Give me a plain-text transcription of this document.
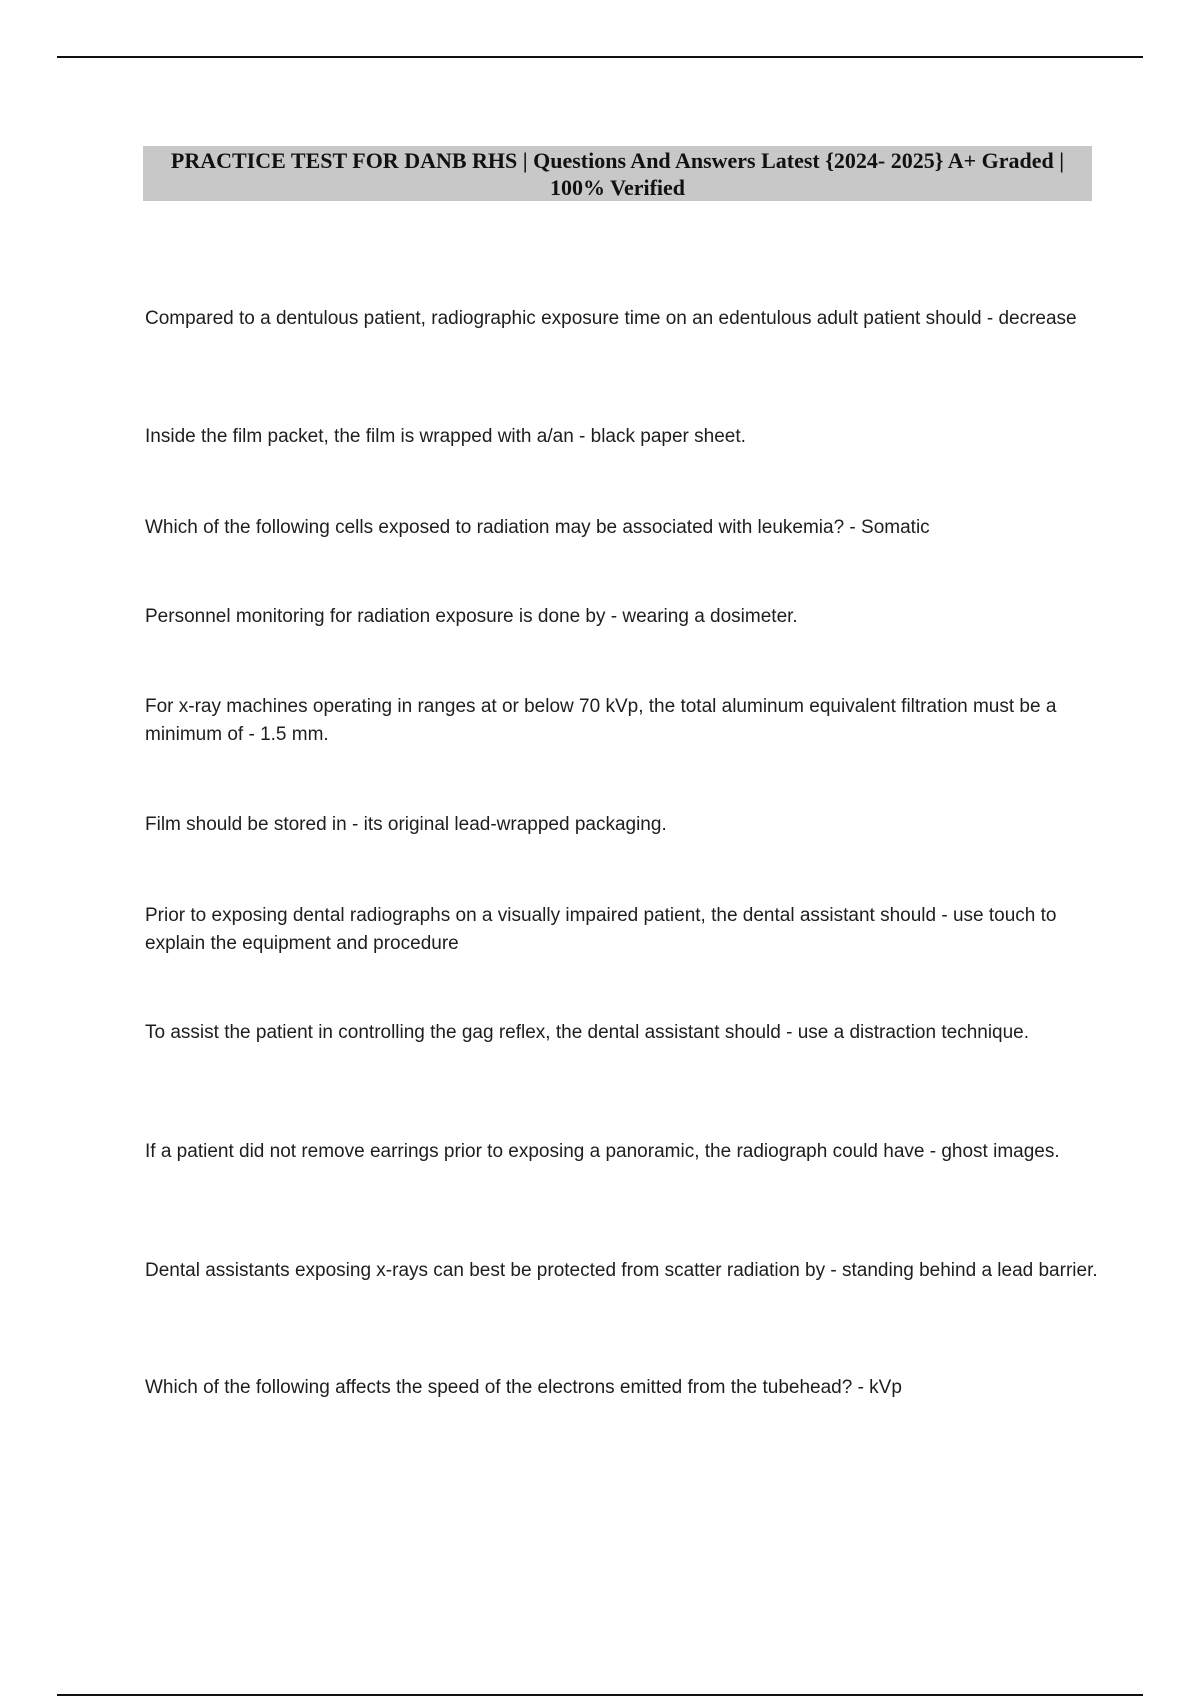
PRACTICE TEST FOR DANB RHS | Questions And Answers Latest {2024- 2025} A+ Graded | 100% Verified
Compared to a dentulous patient, radiographic exposure time on an edentulous adult patient should - decrease
Inside the film packet, the film is wrapped with a/an - black paper sheet.
Which of the following cells exposed to radiation may be associated with leukemia? - Somatic
Personnel monitoring for radiation exposure is done by - wearing a dosimeter.
For x-ray machines operating in ranges at or below 70 kVp, the total aluminum equivalent filtration must be a minimum of - 1.5 mm.
Film should be stored in - its original lead-wrapped packaging.
Prior to exposing dental radiographs on a visually impaired patient, the dental assistant should - use touch to explain the equipment and procedure
To assist the patient in controlling the gag reflex, the dental assistant should - use a distraction technique.
If a patient did not remove earrings prior to exposing a panoramic, the radiograph could have - ghost images.
Dental assistants exposing x-rays can best be protected from scatter radiation by - standing behind a lead barrier.
Which of the following affects the speed of the electrons emitted from the tubehead? - kVp
